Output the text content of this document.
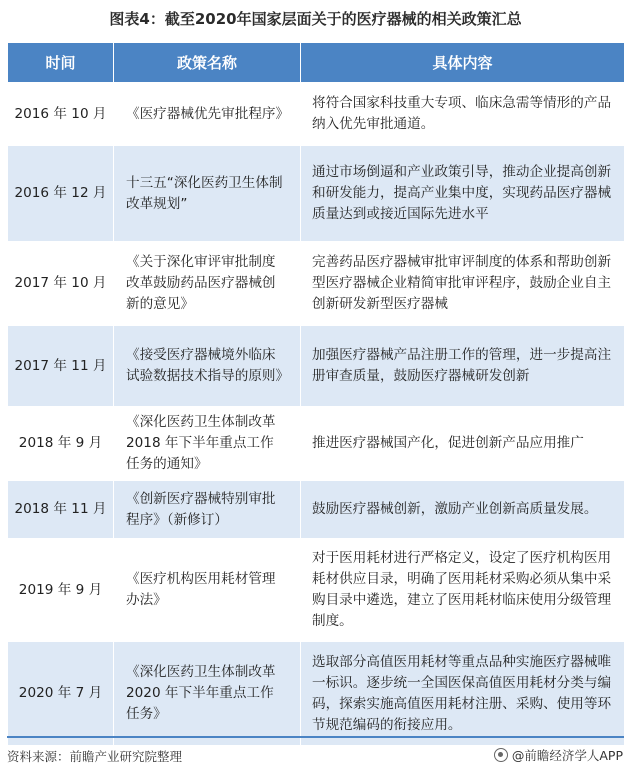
图表4：截至2020年国家层面关于的医疗器械的相关政策汇总
时间	政策名称	具体内容
2016 年 10 月	《医疗器械优先审批程序》	将符合国家科技重大专项、临床急需等情形的产品纳入优先审批通道。
2016 年 12 月	十三五“深化医药卫生体制改革规划”	通过市场倒逼和产业政策引导，推动企业提高创新和研发能力，提高产业集中度，实现药品医疗器械质量达到或接近国际先进水平
2017 年 10 月	《关于深化审评审批制度改革鼓励药品医疗器械创新的意见》	完善药品医疗器械审批审评制度的体系和帮助创新型医疗器械企业精简审批审评程序，鼓励企业自主创新研发新型医疗器械
2017 年 11 月	《接受医疗器械境外临床试验数据技术指导的原则》	加强医疗器械产品注册工作的管理，进一步提高注册审查质量，鼓励医疗器械研发创新
2018 年 9 月	《深化医药卫生体制改革 2018 年下半年重点工作任务的通知》	推进医疗器械国产化，促进创新产品应用推广
2018 年 11 月	《创新医疗器械特别审批程序》（新修订）	鼓励医疗器械创新，激励产业创新高质量发展。
2019 年 9 月	《医疗机构医用耗材管理办法》	对于医用耗材进行严格定义，设定了医疗机构医用耗材供应目录，明确了医用耗材采购必须从集中采购目录中遴选，建立了医用耗材临床使用分级管理制度。
2020 年 7 月	《深化医药卫生体制改革 2020 年下半年重点工作任务》	选取部分高值医用耗材等重点品种实施医疗器械唯一标识。逐步统一全国医保高值医用耗材分类与编码，探索实施高值医用耗材注册、采购、使用等环节规范编码的衔接应用。
资料来源：前瞻产业研究院整理	@前瞻经济学人APP
